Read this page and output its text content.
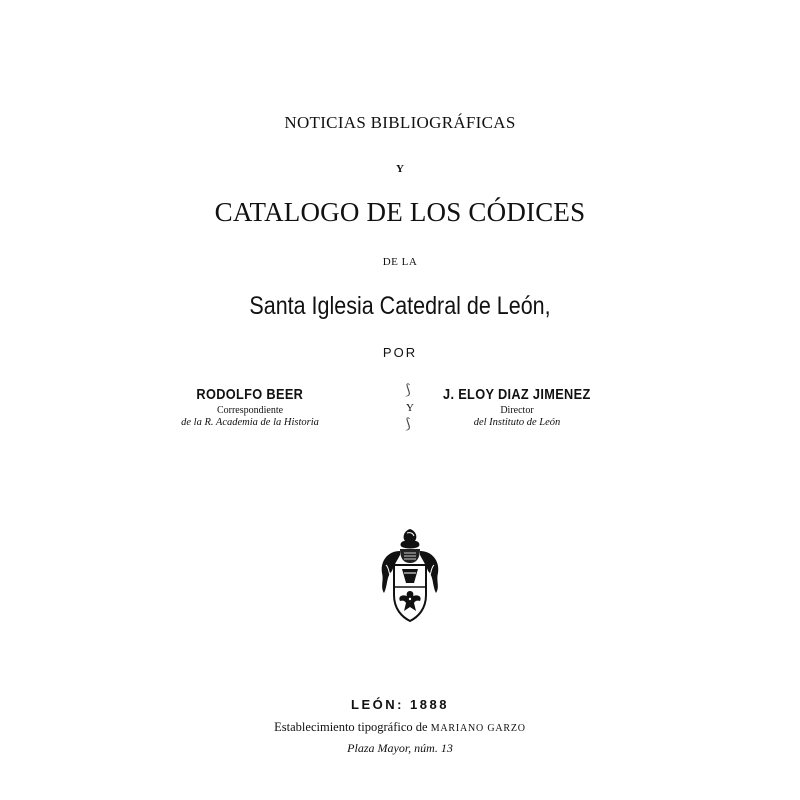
NOTICIAS BIBLIOGRÁFICAS
Y
CATALOGO DE LOS CÓDICES
DE LA
Santa Iglesia Catedral de León,
POR
RODOLFO BEER
Correspondiente
de la R. Academia de la Historia
⟆
Y
⟆
J. ELOY DIAZ JIMENEZ
Director
del Instituto de León
LEÓN: 1888
Establecimiento tipográfico de MARIANO GARZO
Plaza Mayor, núm. 13
